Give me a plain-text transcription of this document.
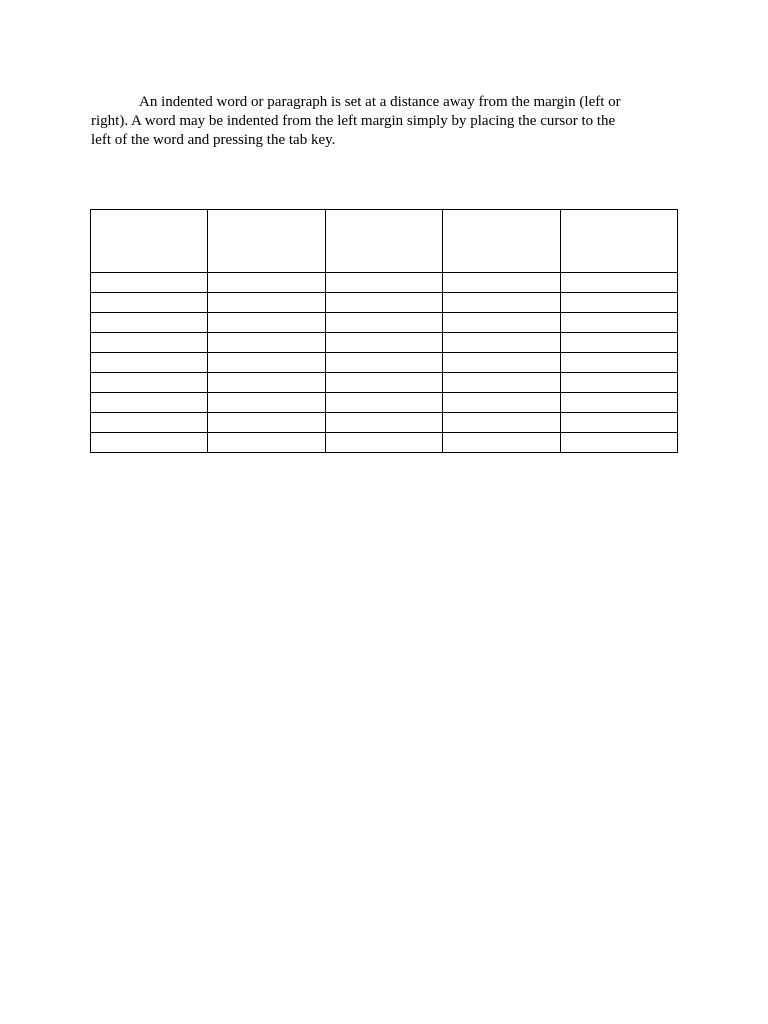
An indented word or paragraph is set at a distance away from the margin (left or right). A word may be indented from the left margin simply by placing the cursor to the left of the word and pressing the tab key.
